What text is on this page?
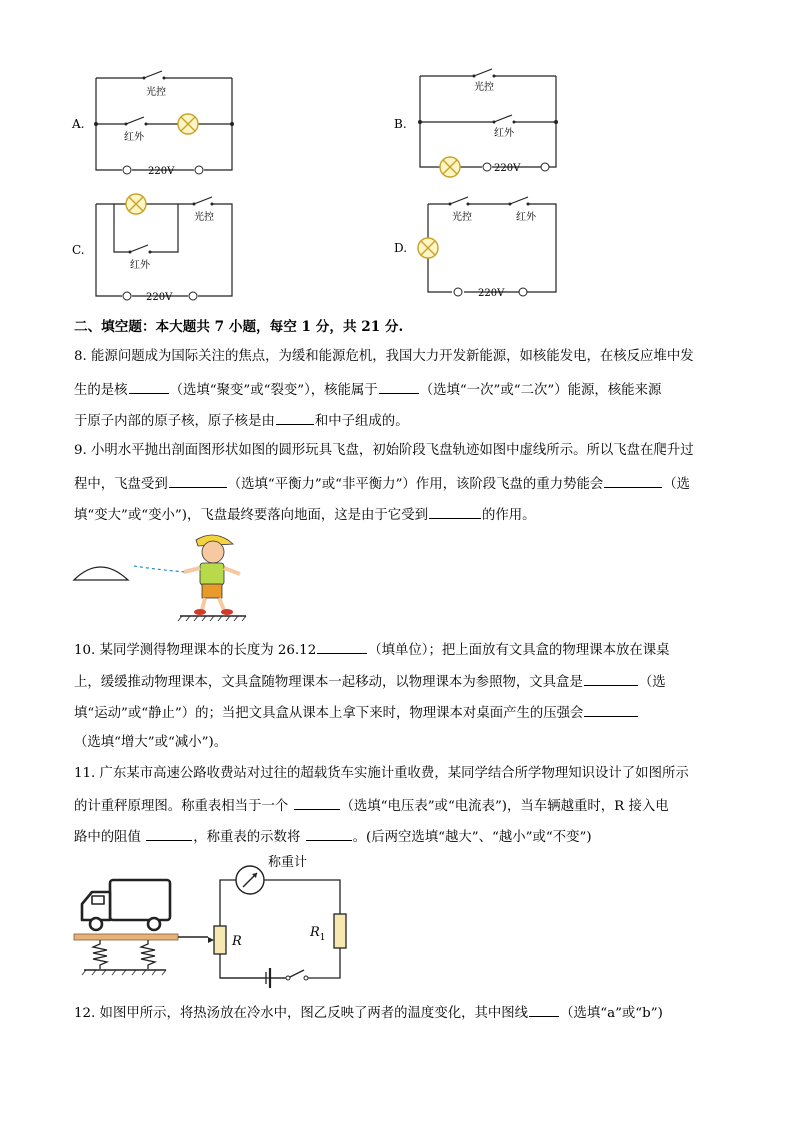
A.
光控
红外
220V
B.
光控
红外
220V
C.
光控
红外
220V
D.
光控	红外
220V
二、填空题：本大题共 7 小题，每空 1 分，共 21 分.
8. 能源问题成为国际关注的焦点，为缓和能源危机，我国大力开发新能源，如核能发电，在核反应堆中发
生的是核	（选填“聚变”或“裂变”），核能属于	（选填“一次”或“二次”）能源，核能来源
于原子内部的原子核，原子核是由	和中子组成的。
9. 小明水平抛出剖面图形状如图的圆形玩具飞盘，初始阶段飞盘轨迹如图中虚线所示。所以飞盘在爬升过
程中，飞盘受到	（选填“平衡力”或“非平衡力”）作用，该阶段飞盘的重力势能会	（选
填“变大”或“变小”)，飞盘最终要落向地面，这是由于它受到	的作用。
10. 某同学测得物理课本的长度为 26.12	（填单位）；把上面放有文具盒的物理课本放在课桌
上，缓缓推动物理课本，文具盒随物理课本一起移动，以物理课本为参照物，文具盒是	（选
填“运动”或“静止”）的；当把文具盒从课本上拿下来时，物理课本对桌面产生的压强会
（选填“增大”或“减小”)。
11. 广东某市高速公路收费站对过往的超载货车实施计重收费，某同学结合所学物理知识设计了如图所示
的计重秤原理图。称重表相当于一个	（选填“电压表”或“电流表”)，当车辆越重时，R 接入电
路中的阻值	，称重表的示数将	。(后两空选填“越大”、“越小”或“不变”)
称重计
R
$R_1$
12. 如图甲所示，将热汤放在冷水中，图乙反映了两者的温度变化，其中图线 （选填“a”或“b”)
